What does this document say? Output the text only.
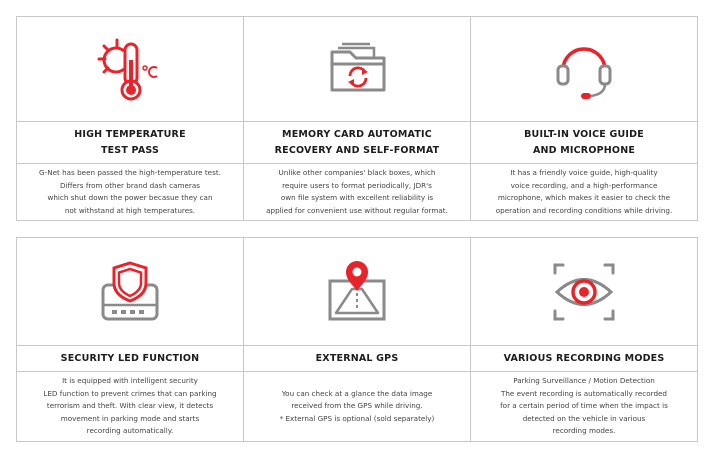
HIGH TEMPERATURE
TEST PASS
G-Net has been passed the high-temperature test.
Differs from other brand dash cameras
which shut down the power becasue they can
not withstand at high temperatures.
MEMORY CARD AUTOMATIC
RECOVERY AND SELF-FORMAT
Unlike other companies' black boxes, which
require users to format periodically, JDR's
own file system with excellent reliability is
applied for convenient use without regular format.
BUILT-IN VOICE GUIDE
AND MICROPHONE
It has a friendly voice guide, high-quality
voice recording, and a high-performance
microphone, which makes it easier to check the
operation and recording conditions while driving.
SECURITY LED FUNCTION
It is equipped with intelligent security
LED function to prevent crimes that can parking
terrorism and theft. With clear view, it detects
movement in parking mode and starts
recording automatically.
EXTERNAL GPS
You can check at a glance the data image
received from the GPS while driving.
* External GPS is optional (sold separately)
VARIOUS RECORDING MODES
Parking Surveillance / Motion Detection
The event recording is automatically recorded
for a certain period of time when the impact is
detected on the vehicle in various
recording modes.
